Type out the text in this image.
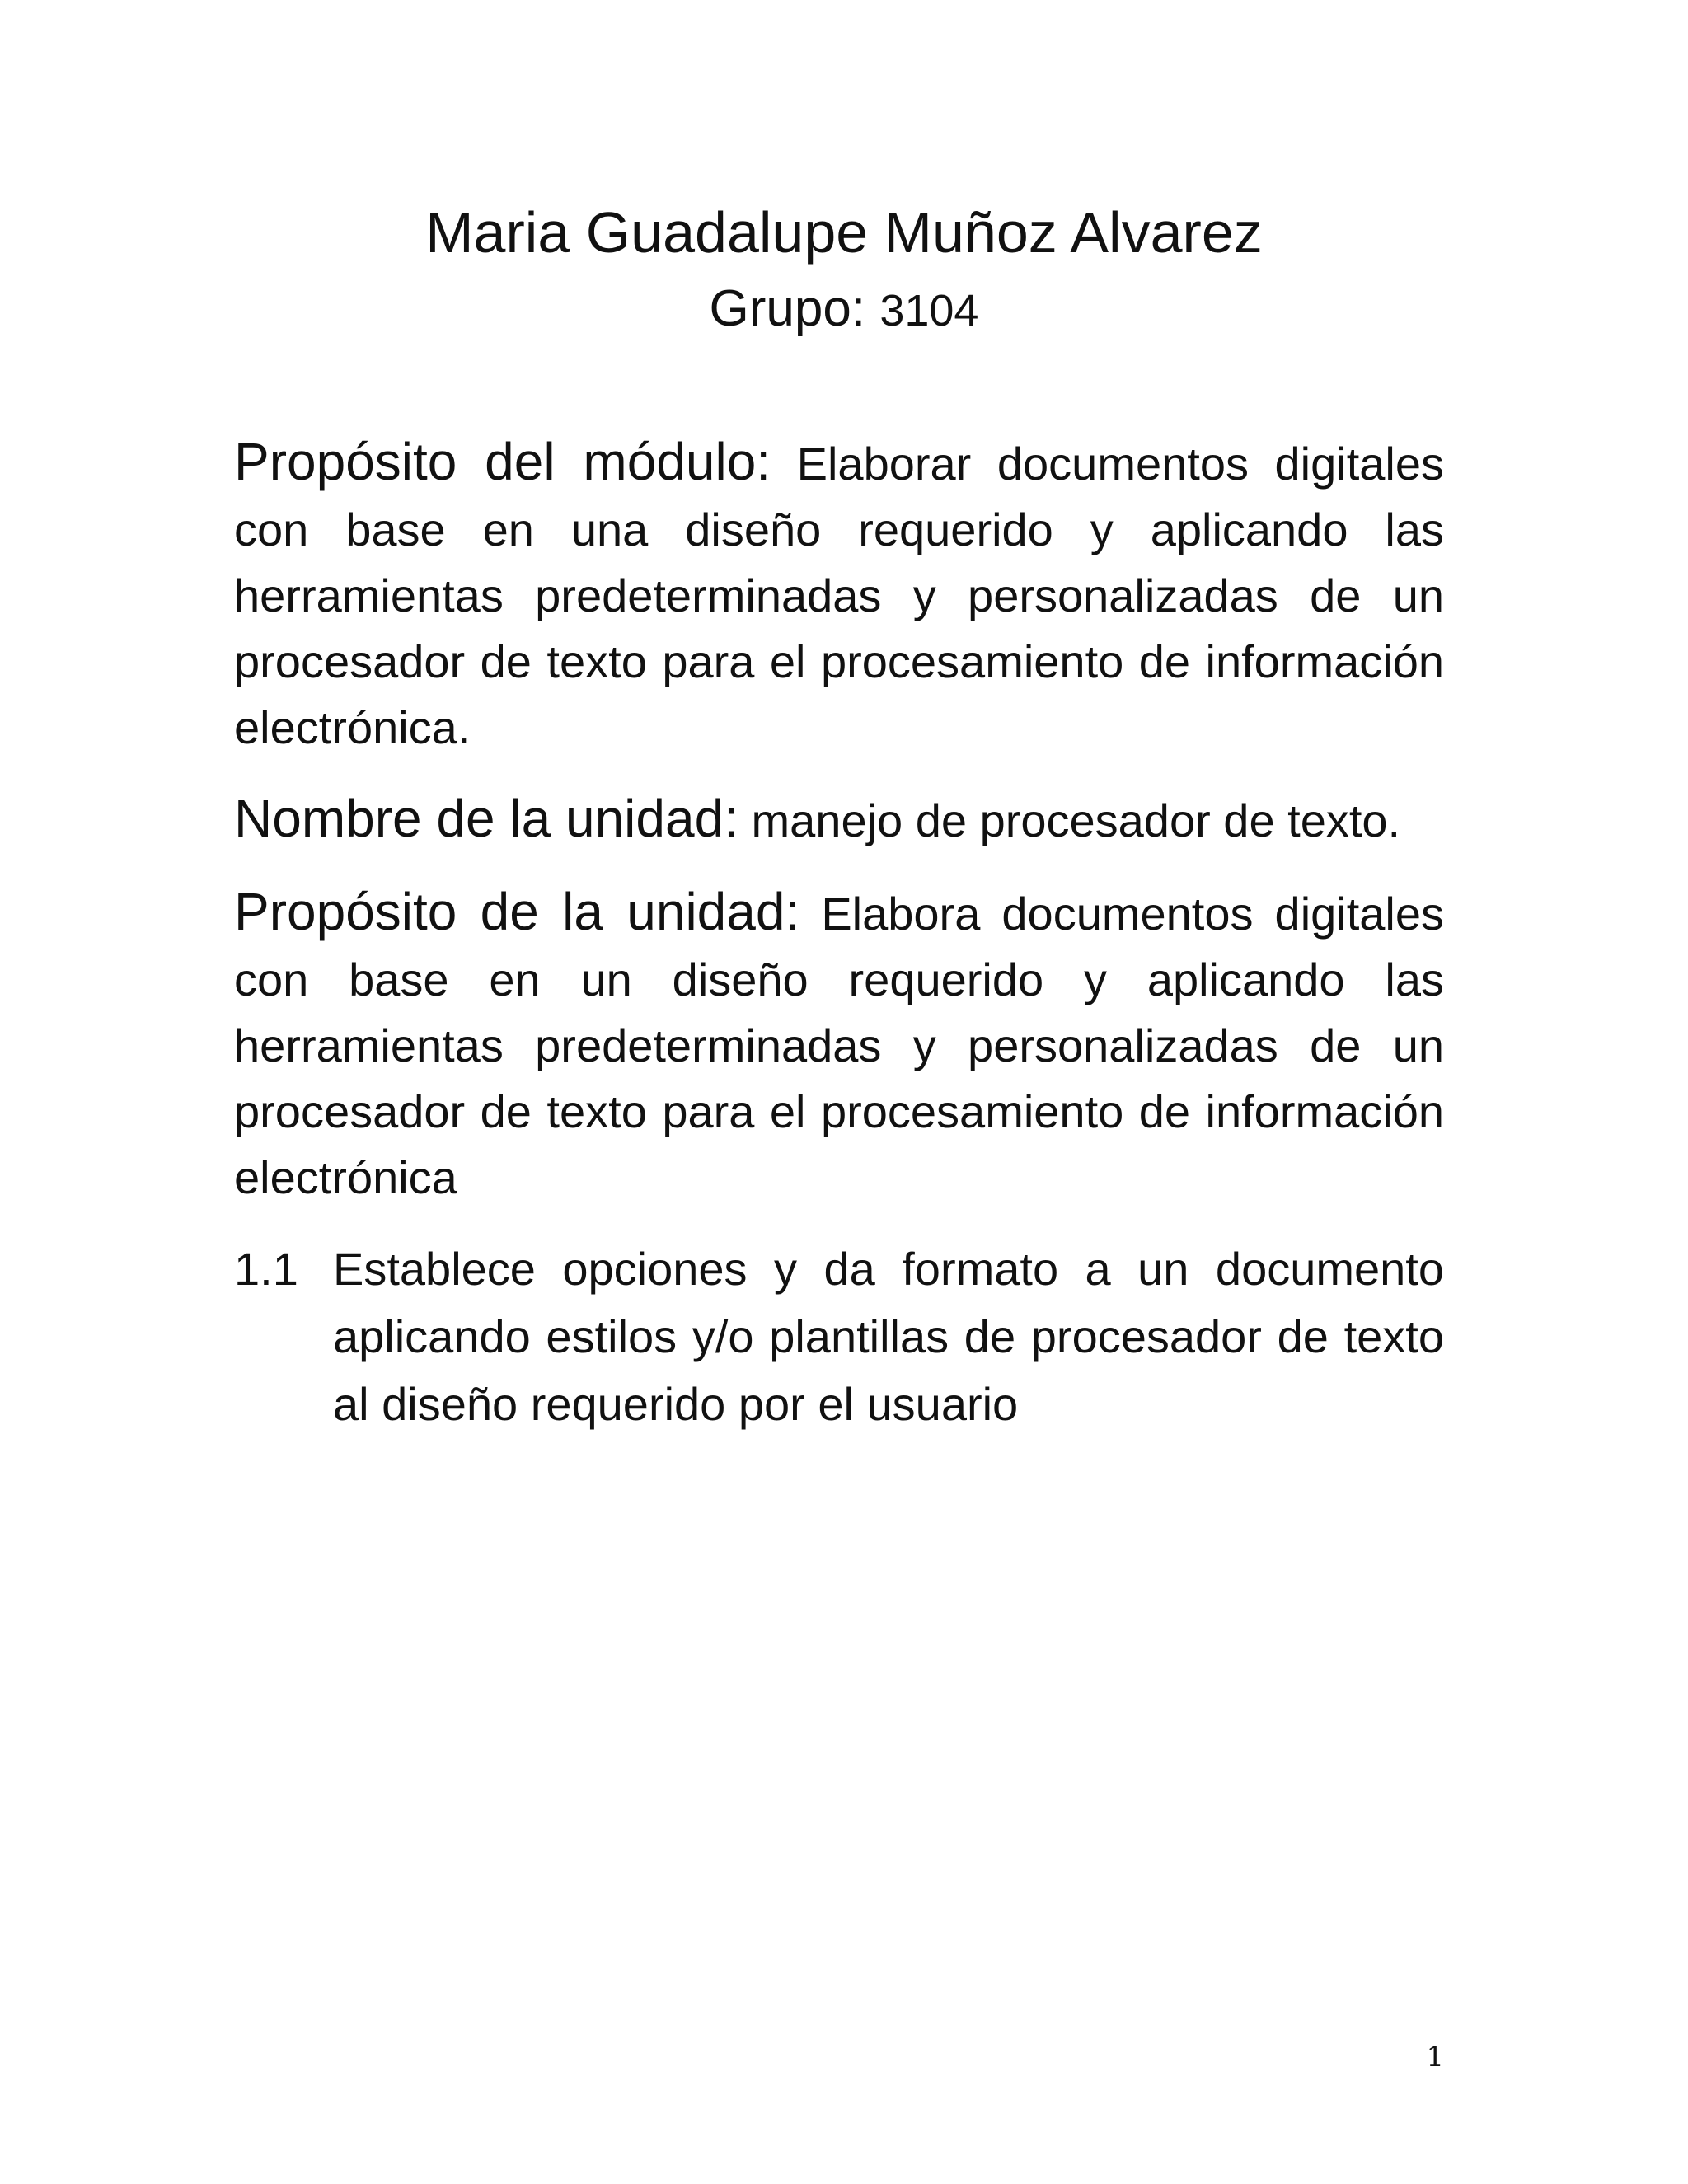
Maria Guadalupe Muñoz Alvarez
Grupo: 3104

Propósito del módulo: Elaborar documentos digitales con base en una diseño requerido y aplicando las herramientas predeterminadas y personalizadas de un procesador de texto para el procesamiento de información electrónica.

Nombre de la unidad: manejo de procesador de texto.

Propósito de la unidad: Elabora documentos digitales con base en un diseño requerido y aplicando las herramientas predeterminadas y personalizadas de un procesador de texto para el procesamiento de información electrónica

1.1 Establece opciones y da formato a un documento aplicando estilos y/o plantillas de procesador de texto al diseño requerido por el usuario
1
